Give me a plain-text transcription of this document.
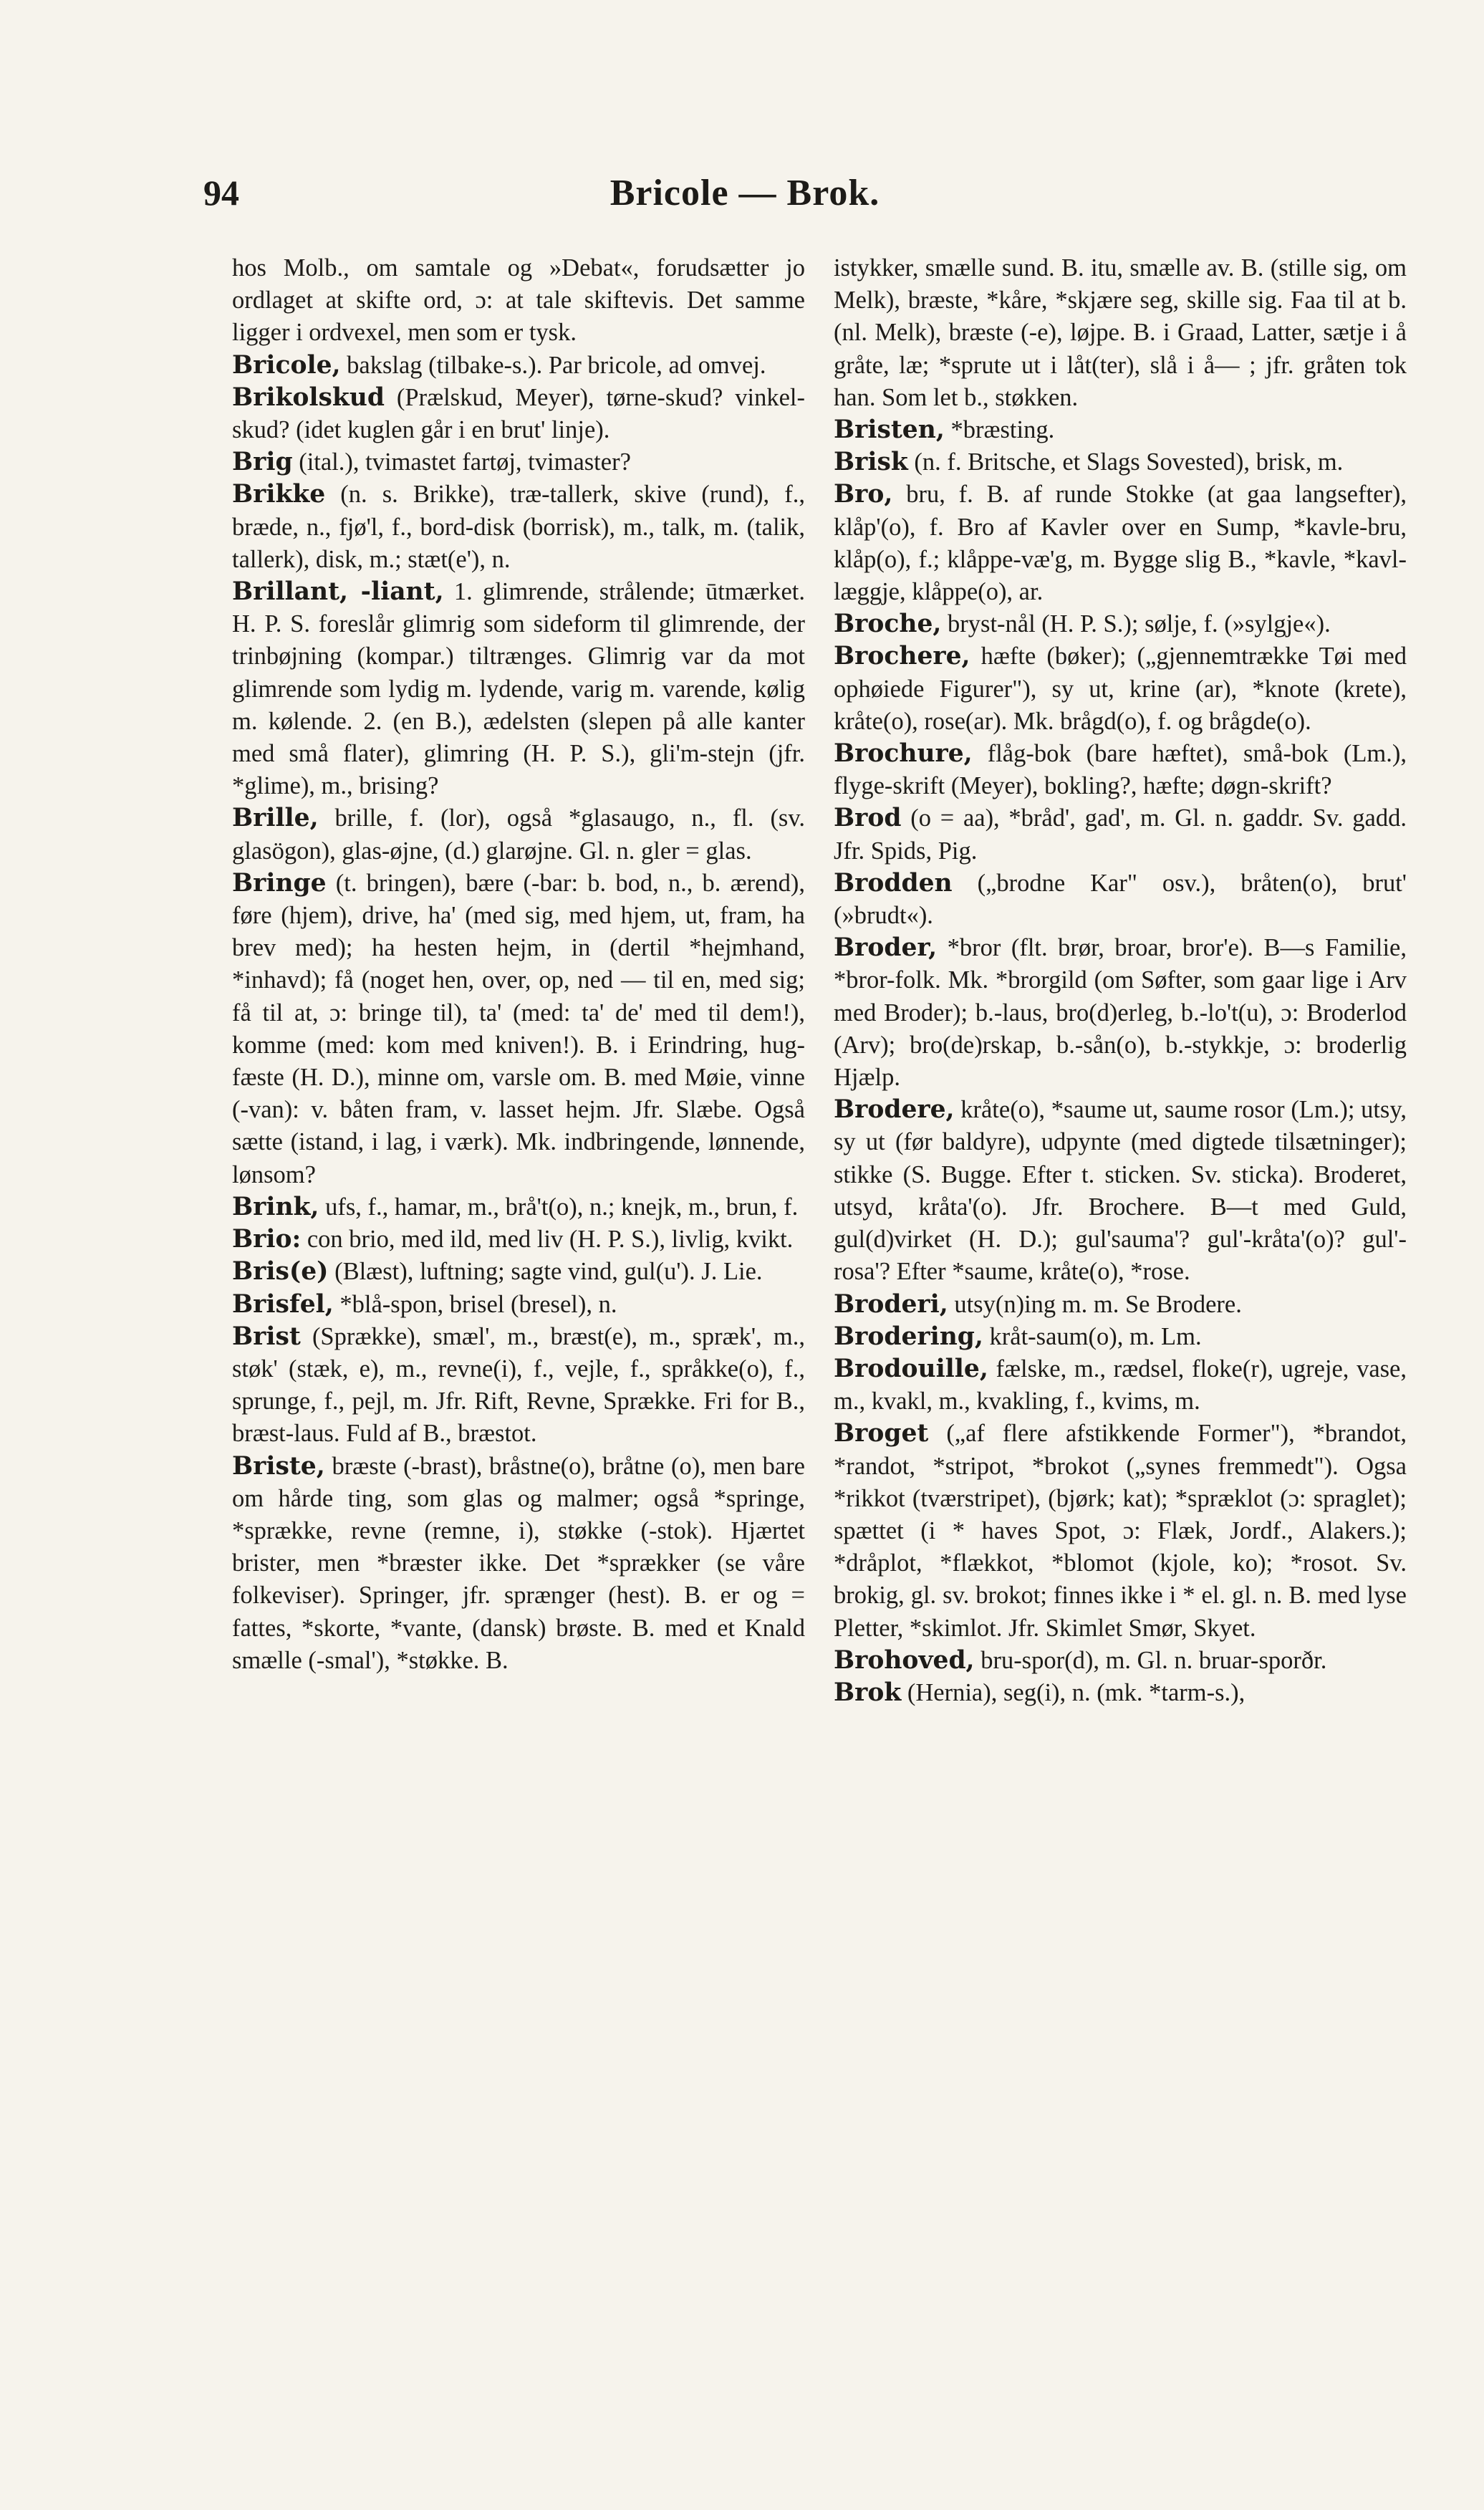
94	Bricole — Brok.

hos Molb., om samtale og »Debat«, forudsætter jo ordlaget at skifte ord, ɔ: at tale skiftevis. Det samme ligger i ordvexel, men som er tysk.

Bricole, bakslag (tilbake-s.). Par bricole, ad omvej.

Brikolskud (Prælskud, Meyer), tørne-skud? vinkel-skud? (idet kuglen går i en brut' linje).

Brig (ital.), tvimastet fartøj, tvimaster?

Brikke (n. s. Brikke), træ-tallerk, skive (rund), f., bræde, n., fjø'l, f., bord-disk (borrisk), m., talk, m. (talik, tallerk), disk, m.; stæt(e'), n.

Brillant, -liant, 1. glimrende, strålende; ūtmærket. H. P. S. foreslår glimrig som sideform til glimrende, der trinbøjning (kompar.) tiltrænges. Glimrig var da mot glimrende som lydig m. lydende, varig m. varende, kølig m. kølende. 2. (en B.), ædelsten (slepen på alle kanter med små flater), glimring (H. P. S.), gli'm-stejn (jfr. *glime), m., brising?

Brille, brille, f. (lor), også *glasaugo, n., fl. (sv. glasögon), glas-øjne, (d.) glarøjne. Gl. n. gler = glas.

Bringe (t. bringen), bære (-bar: b. bod, n., b. ærend), føre (hjem), drive, ha' (med sig, med hjem, ut, fram, ha brev med); ha hesten hejm, in (dertil *hejmhand, *inhavd); få (noget hen, over, op, ned — til en, med sig; få til at, ɔ: bringe til), ta' (med: ta' de' med til dem!), komme (med: kom med kniven!). B. i Erindring, hug-fæste (H. D.), minne om, varsle om. B. med Møie, vinne (-van): v. båten fram, v. lasset hejm. Jfr. Slæbe. Også sætte (istand, i lag, i værk). Mk. indbringende, lønnende, lønsom?

Brink, ufs, f., hamar, m., brå't(o), n.; knejk, m., brun, f.

Brio: con brio, med ild, med liv (H. P. S.), livlig, kvikt.

Bris(e) (Blæst), luftning; sagte vind, gul(u'). J. Lie.

Brisfel, *blå-spon, brisel (bresel), n.

Brist (Sprække), smæl', m., bræst(e), m., spræk', m., støk' (stæk, e), m., revne(i), f., vejle, f., språkke(o), f., sprunge, f., pejl, m. Jfr. Rift, Revne, Sprække. Fri for B., bræst-laus. Fuld af B., bræstot.

Briste, bræste (-brast), bråstne(o), bråtne (o), men bare om hårde ting, som glas og malmer; også *springe, *sprække, revne (remne, i), støkke (-stok). Hjærtet brister, men *bræster ikke. Det *sprækker (se våre folkeviser). Springer, jfr. sprænger (hest). B. er og = fattes, *skorte, *vante, (dansk) brøste. B. med et Knald smælle (-smal'), *støkke. B.

istykker, smælle sund. B. itu, smælle av. B. (stille sig, om Melk), bræste, *kåre, *skjære seg, skille sig. Faa til at b. (nl. Melk), bræste (-e), løjpe. B. i Graad, Latter, sætje i å gråte, læ; *sprute ut i låt(ter), slå i å— ; jfr. gråten tok han. Som let b., støkken.

Bristen, *bræsting.

Brisk (n. f. Britsche, et Slags Sovested), brisk, m.

Bro, bru, f. B. af runde Stokke (at gaa langsefter), klåp'(o), f. Bro af Kavler over en Sump, *kavle-bru, klåp(o), f.; klåppe-væ'g, m. Bygge slig B., *kavle, *kavl-læggje, klåppe(o), ar.

Broche, bryst-nål (H. P. S.); sølje, f. (»sylgje«).

Brochere, hæfte (bøker); („gjennemtrække Tøi med ophøiede Figurer"), sy ut, krine (ar), *knote (krete), kråte(o), rose(ar). Mk. brågd(o), f. og brågde(o).

Brochure, flåg-bok (bare hæftet), små-bok (Lm.), flyge-skrift (Meyer), bokling?, hæfte; døgn-skrift?

Brod (o = aa), *bråd', gad', m. Gl. n. gaddr. Sv. gadd. Jfr. Spids, Pig.

Brodden („brodne Kar" osv.), bråten(o), brut' (»brudt«).

Broder, *bror (flt. brør, broar, bror'e). B—s Familie, *bror-folk. Mk. *brorgild (om Søfter, som gaar lige i Arv med Broder); b.-laus, bro(d)erleg, b.-lo't(u), ɔ: Broderlod (Arv); bro(de)rskap, b.-sån(o), b.-stykkje, ɔ: broderlig Hjælp.

Brodere, kråte(o), *saume ut, saume rosor (Lm.); utsy, sy ut (før baldyre), udpynte (med digtede tilsætninger); stikke (S. Bugge. Efter t. sticken. Sv. sticka). Broderet, utsyd, kråta'(o). Jfr. Brochere. B—t med Guld, gul(d)virket (H. D.); gul'sauma'? gul'-kråta'(o)? gul'-rosa'? Efter *saume, kråte(o), *rose.

Broderi, utsy(n)ing m. m. Se Brodere.

Brodering, kråt-saum(o), m. Lm.

Brodouille, fælske, m., rædsel, floke(r), ugreje, vase, m., kvakl, m., kvakling, f., kvims, m.

Broget („af flere afstikkende Former"), *brandot, *randot, *stripot, *brokot („synes fremmedt"). Ogsa *rikkot (tværstripet), (bjørk; kat); *spræklot (ɔ: spraglet); spættet (i * haves Spot, ɔ: Flæk, Jordf., Alakers.); *dråplot, *flækkot, *blomot (kjole, ko); *rosot. Sv. brokig, gl. sv. brokot; finnes ikke i * el. gl. n. B. med lyse Pletter, *skimlot. Jfr. Skimlet Smør, Skyet.

Brohoved, bru-spor(d), m. Gl. n. bruar-sporðr.

Brok (Hernia), seg(i), n. (mk. *tarm-s.),
